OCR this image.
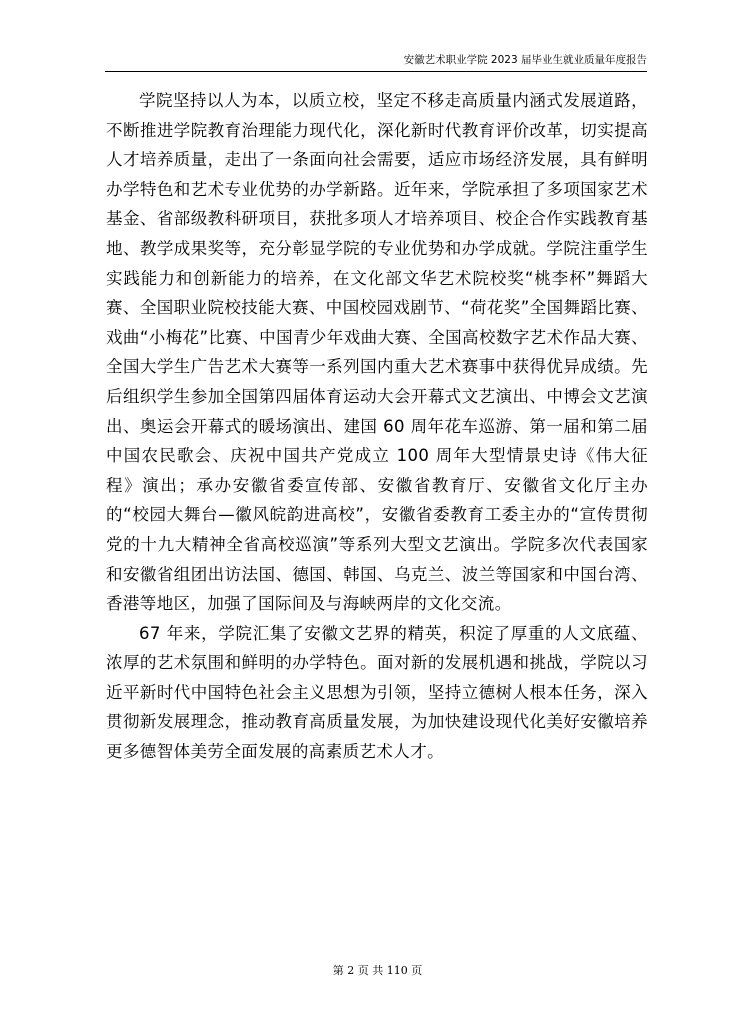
安徽艺术职业学院 2023 届毕业生就业质量年度报告

学院坚持以人为本，以质立校，坚定不移走高质量内涵式发展道路，不断推进学院教育治理能力现代化，深化新时代教育评价改革，切实提高人才培养质量，走出了一条面向社会需要，适应市场经济发展，具有鲜明办学特色和艺术专业优势的办学新路。近年来，学院承担了多项国家艺术基金、省部级教科研项目，获批多项人才培养项目、校企合作实践教育基地、教学成果奖等，充分彰显学院的专业优势和办学成就。学院注重学生实践能力和创新能力的培养，在文化部文华艺术院校奖“桃李杯”舞蹈大赛、全国职业院校技能大赛、中国校园戏剧节、“荷花奖”全国舞蹈比赛、戏曲“小梅花”比赛、中国青少年戏曲大赛、全国高校数字艺术作品大赛、全国大学生广告艺术大赛等一系列国内重大艺术赛事中获得优异成绩。先后组织学生参加全国第四届体育运动大会开幕式文艺演出、中博会文艺演出、奥运会开幕式的暖场演出、建国 60 周年花车巡游、第一届和第二届中国农民歌会、庆祝中国共产党成立 100 周年大型情景史诗《伟大征程》演出；承办安徽省委宣传部、安徽省教育厅、安徽省文化厅主办的“校园大舞台—徽风皖韵进高校”，安徽省委教育工委主办的“宣传贯彻党的十九大精神全省高校巡演”等系列大型文艺演出。学院多次代表国家和安徽省组团出访法国、德国、韩国、乌克兰、波兰等国家和中国台湾、香港等地区，加强了国际间及与海峡两岸的文化交流。

67 年来，学院汇集了安徽文艺界的精英，积淀了厚重的人文底蕴、浓厚的艺术氛围和鲜明的办学特色。面对新的发展机遇和挑战，学院以习近平新时代中国特色社会主义思想为引领，坚持立德树人根本任务，深入贯彻新发展理念，推动教育高质量发展，为加快建设现代化美好安徽培养更多德智体美劳全面发展的高素质艺术人才。

第 2 页 共 110 页
